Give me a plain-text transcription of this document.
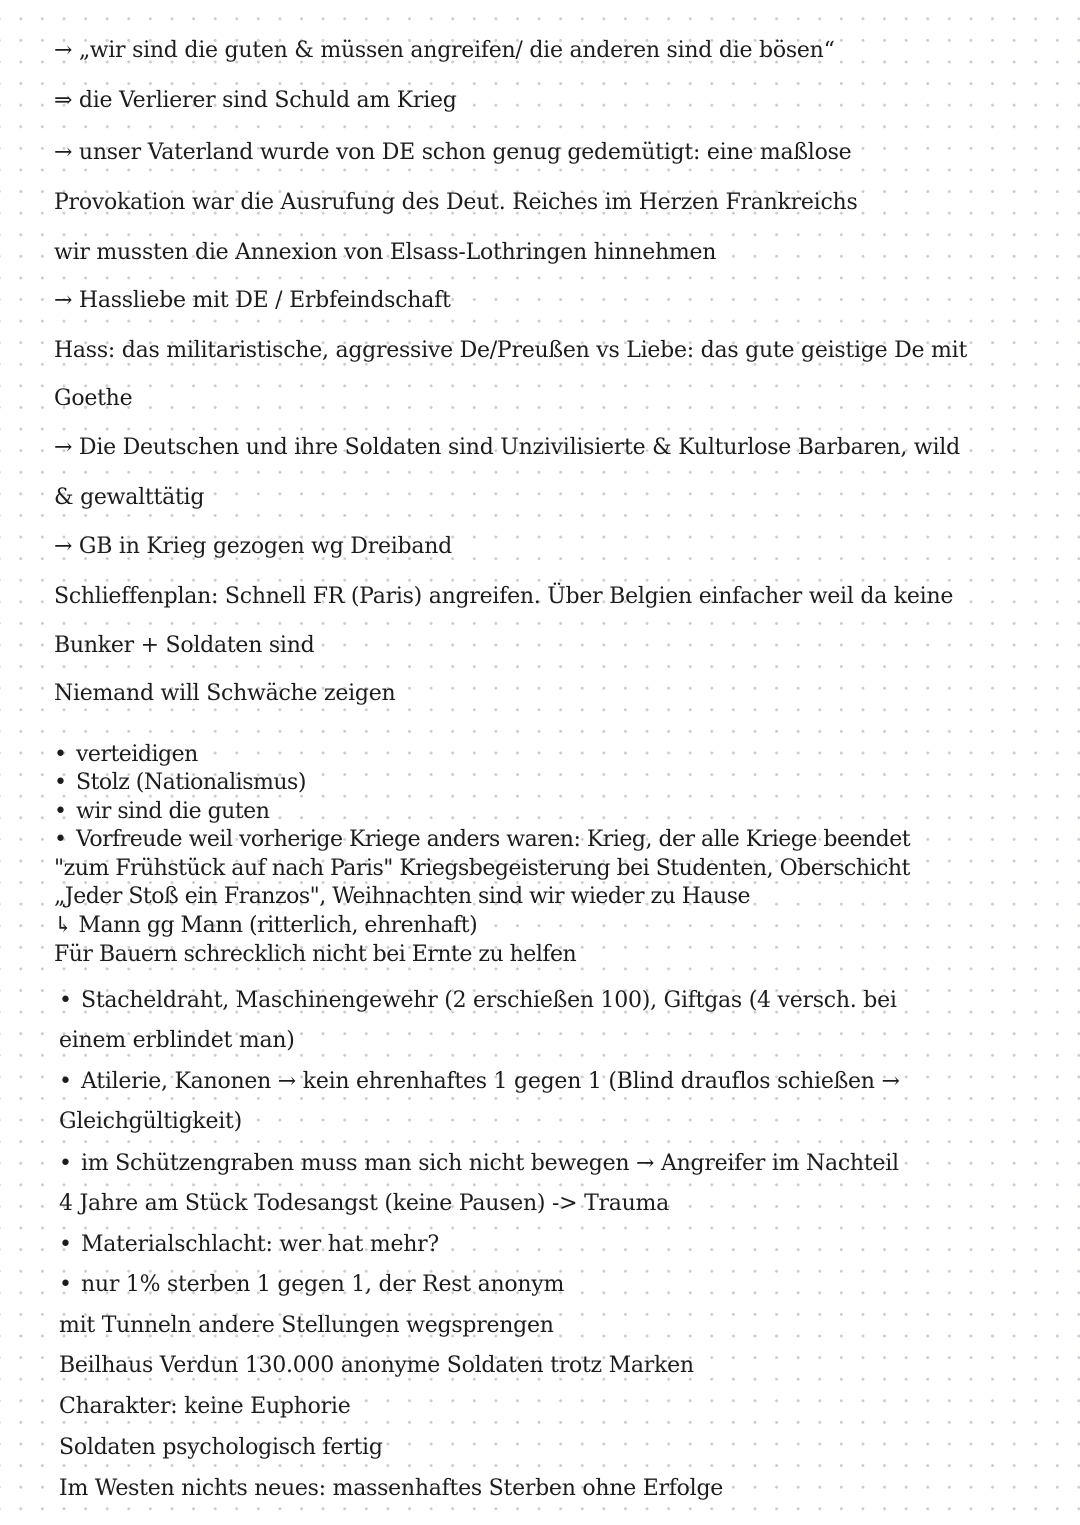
→ „wir sind die guten & müssen angreifen/ die anderen sind die bösen“
⇒ die Verlierer sind Schuld am Krieg
→ unser Vaterland wurde von DE schon genug gedemütigt: eine maßlose
Provokation war die Ausrufung des Deut. Reiches im Herzen Frankreichs
wir mussten die Annexion von Elsass-Lothringen hinnehmen
→ Hassliebe mit DE / Erbfeindschaft
Hass: das militaristische, aggressive De/Preußen vs Liebe: das gute geistige De mit
Goethe
→ Die Deutschen und ihre Soldaten sind Unzivilisierte & Kulturlose Barbaren, wild
& gewalttätig
→ GB in Krieg gezogen wg Dreiband
Schlieffenplan: Schnell FR (Paris) angreifen. Über Belgien einfacher weil da keine
Bunker + Soldaten sind
Niemand will Schwäche zeigen
• verteidigen
• Stolz (Nationalismus)
• wir sind die guten
• Vorfreude weil vorherige Kriege anders waren: Krieg, der alle Kriege beendet
"zum Frühstück auf nach Paris" Kriegsbegeisterung bei Studenten, Oberschicht
„Jeder Stoß ein Franzos", Weihnachten sind wir wieder zu Hause
↳ Mann gg Mann (ritterlich, ehrenhaft)
Für Bauern schrecklich nicht bei Ernte zu helfen
• Stacheldraht, Maschinengewehr (2 erschießen 100), Giftgas (4 versch. bei
einem erblindet man)
• Atilerie, Kanonen → kein ehrenhaftes 1 gegen 1 (Blind drauflos schießen →
Gleichgültigkeit)
• im Schützengraben muss man sich nicht bewegen → Angreifer im Nachteil
4 Jahre am Stück Todesangst (keine Pausen) -> Trauma
• Materialschlacht: wer hat mehr?
• nur 1% sterben 1 gegen 1, der Rest anonym
mit Tunneln andere Stellungen wegsprengen
Beilhaus Verdun 130.000 anonyme Soldaten trotz Marken
Charakter: keine Euphorie
Soldaten psychologisch fertig
Im Westen nichts neues: massenhaftes Sterben ohne Erfolge
